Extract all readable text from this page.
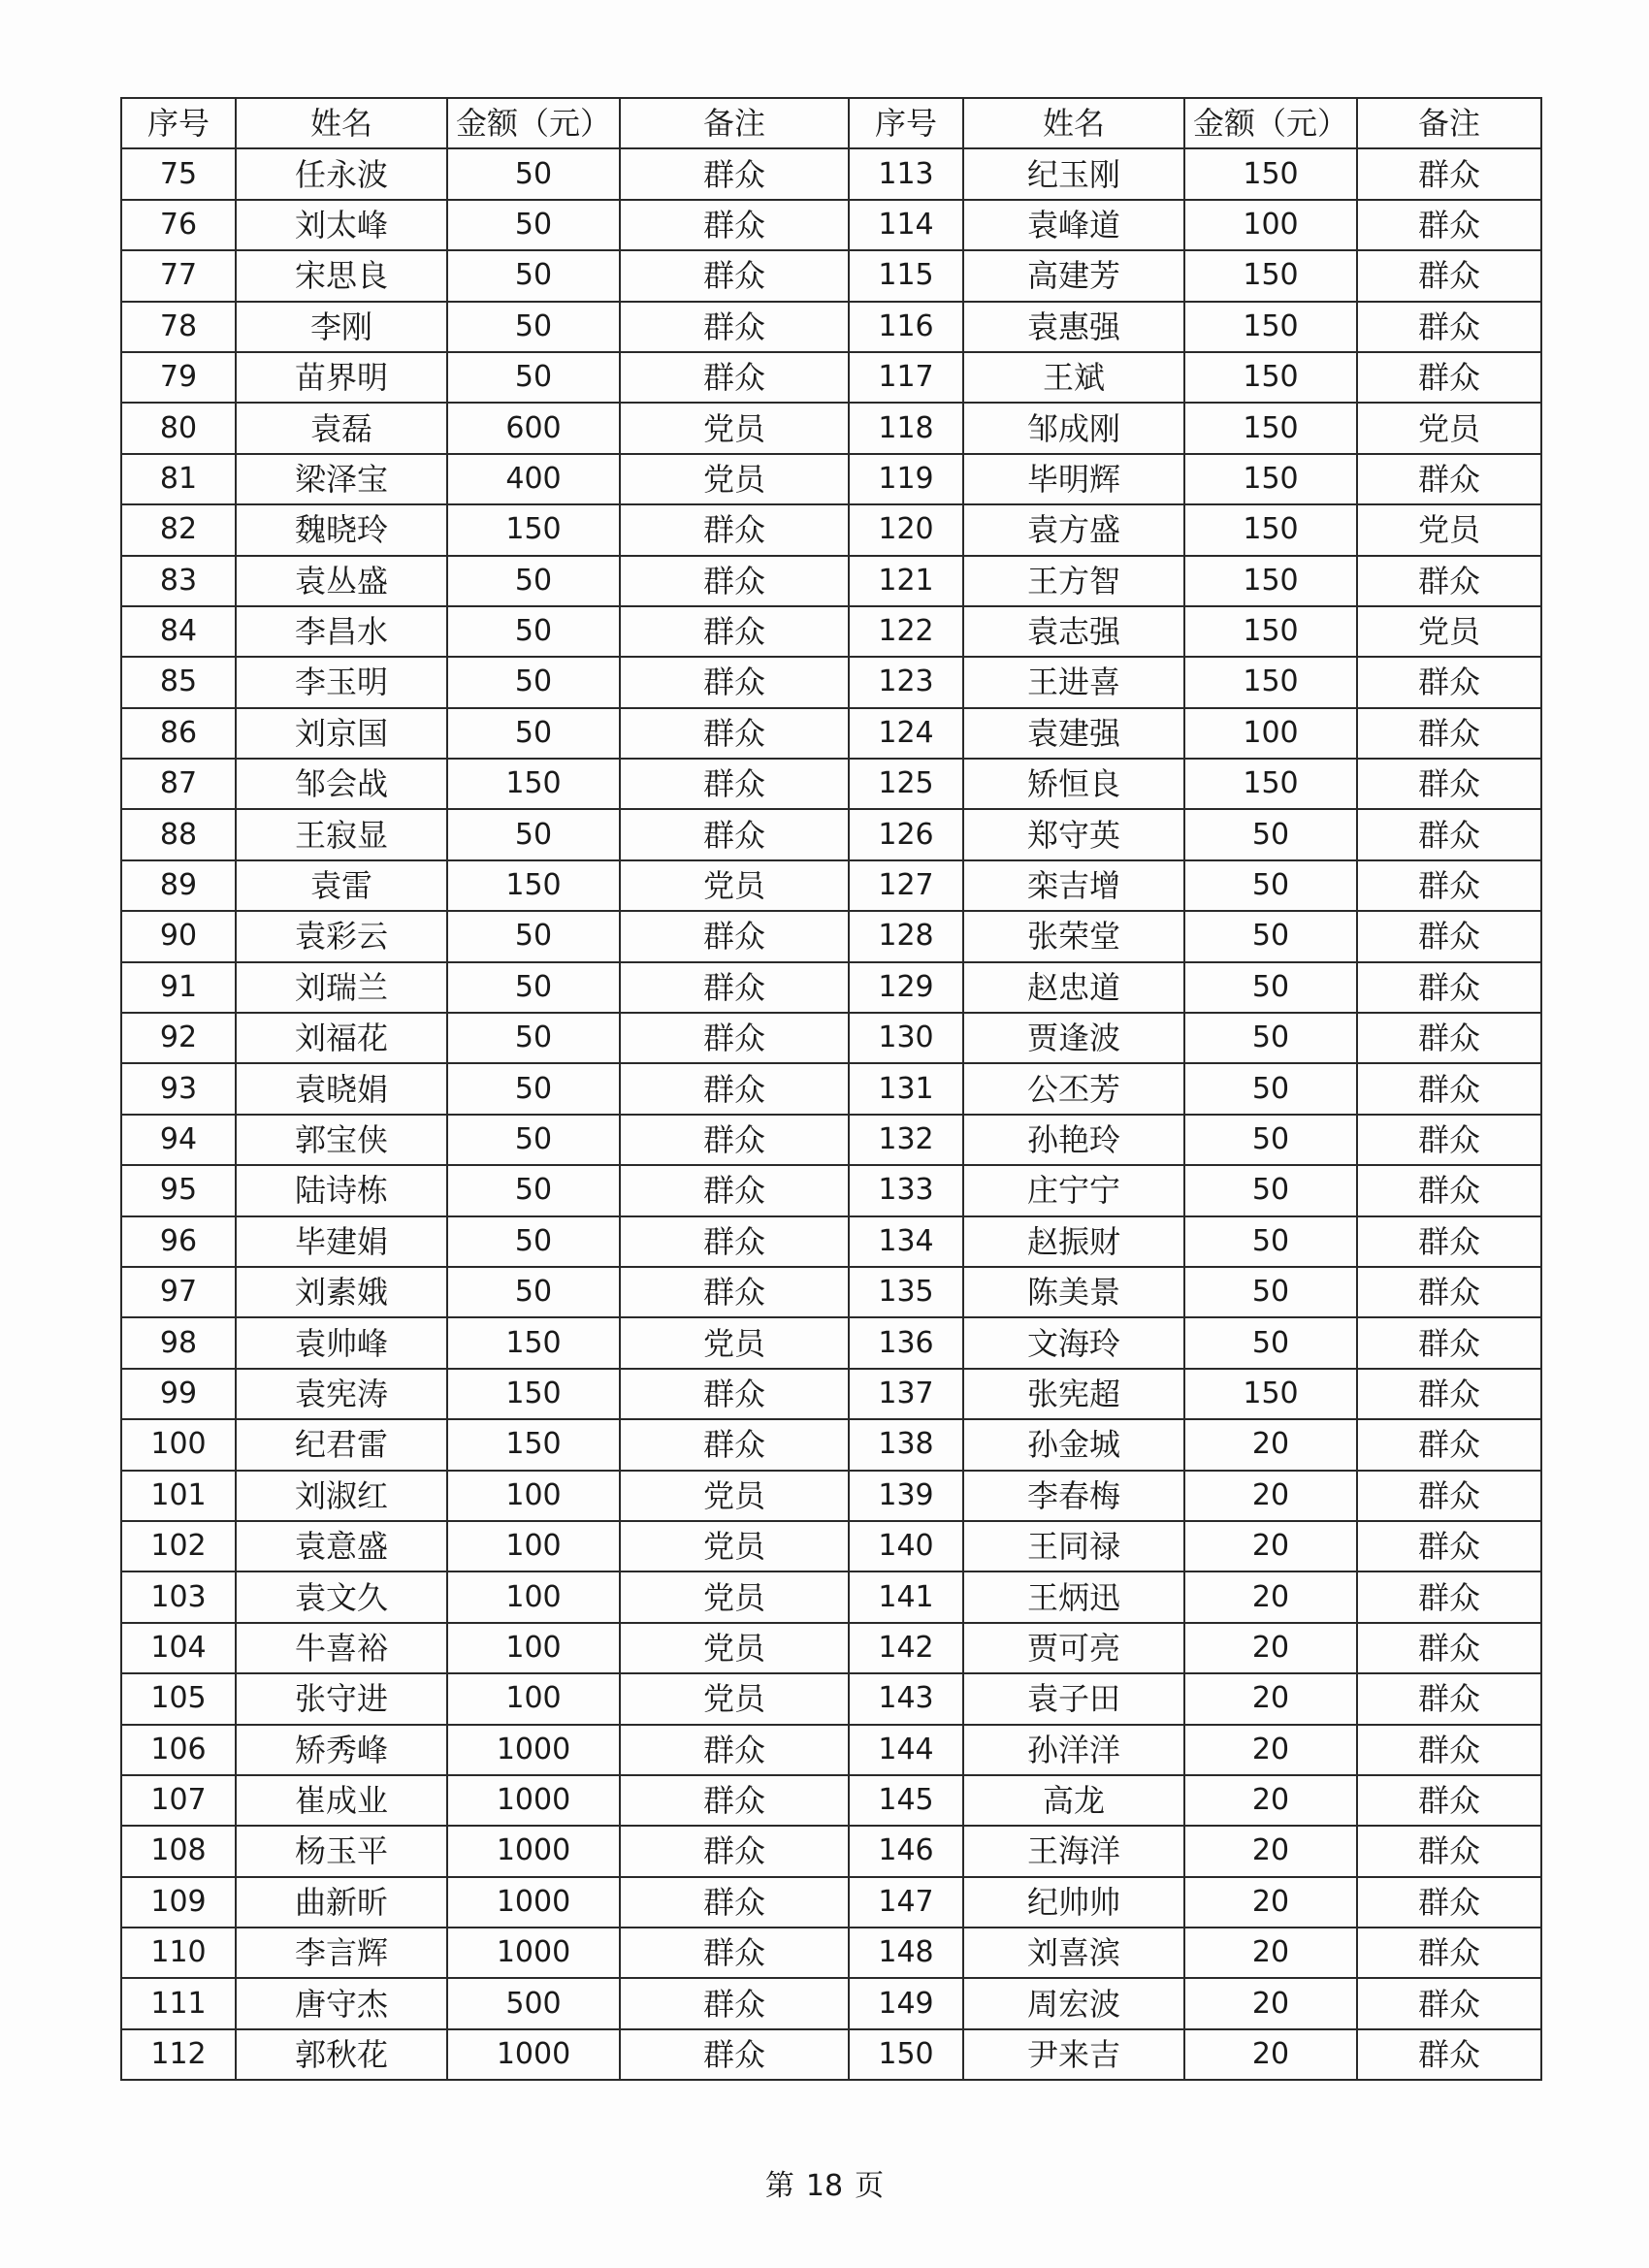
序号	姓名	金额（元）	备注	序号	姓名	金额（元）	备注
75	任永波	50	群众	113	纪玉刚	150	群众
76	刘太峰	50	群众	114	袁峰道	100	群众
77	宋思良	50	群众	115	高建芳	150	群众
78	李刚	50	群众	116	袁惠强	150	群众
79	苗界明	50	群众	117	王斌	150	群众
80	袁磊	600	党员	118	邹成刚	150	党员
81	梁泽宝	400	党员	119	毕明辉	150	群众
82	魏晓玲	150	群众	120	袁方盛	150	党员
83	袁丛盛	50	群众	121	王方智	150	群众
84	李昌水	50	群众	122	袁志强	150	党员
85	李玉明	50	群众	123	王进喜	150	群众
86	刘京国	50	群众	124	袁建强	100	群众
87	邹会战	150	群众	125	矫恒良	150	群众
88	王寂显	50	群众	126	郑守英	50	群众
89	袁雷	150	党员	127	栾吉增	50	群众
90	袁彩云	50	群众	128	张荣堂	50	群众
91	刘瑞兰	50	群众	129	赵忠道	50	群众
92	刘福花	50	群众	130	贾逢波	50	群众
93	袁晓娟	50	群众	131	公丕芳	50	群众
94	郭宝侠	50	群众	132	孙艳玲	50	群众
95	陆诗栋	50	群众	133	庄宁宁	50	群众
96	毕建娟	50	群众	134	赵振财	50	群众
97	刘素娥	50	群众	135	陈美景	50	群众
98	袁帅峰	150	党员	136	文海玲	50	群众
99	袁宪涛	150	群众	137	张宪超	150	群众
100	纪君雷	150	群众	138	孙金城	20	群众
101	刘淑红	100	党员	139	李春梅	20	群众
102	袁意盛	100	党员	140	王同禄	20	群众
103	袁文久	100	党员	141	王炳迅	20	群众
104	牛喜裕	100	党员	142	贾可亮	20	群众
105	张守进	100	党员	143	袁子田	20	群众
106	矫秀峰	1000	群众	144	孙洋洋	20	群众
107	崔成业	1000	群众	145	高龙	20	群众
108	杨玉平	1000	群众	146	王海洋	20	群众
109	曲新昕	1000	群众	147	纪帅帅	20	群众
110	李言辉	1000	群众	148	刘喜滨	20	群众
111	唐守杰	500	群众	149	周宏波	20	群众
112	郭秋花	1000	群众	150	尹来吉	20	群众
第 18 页
